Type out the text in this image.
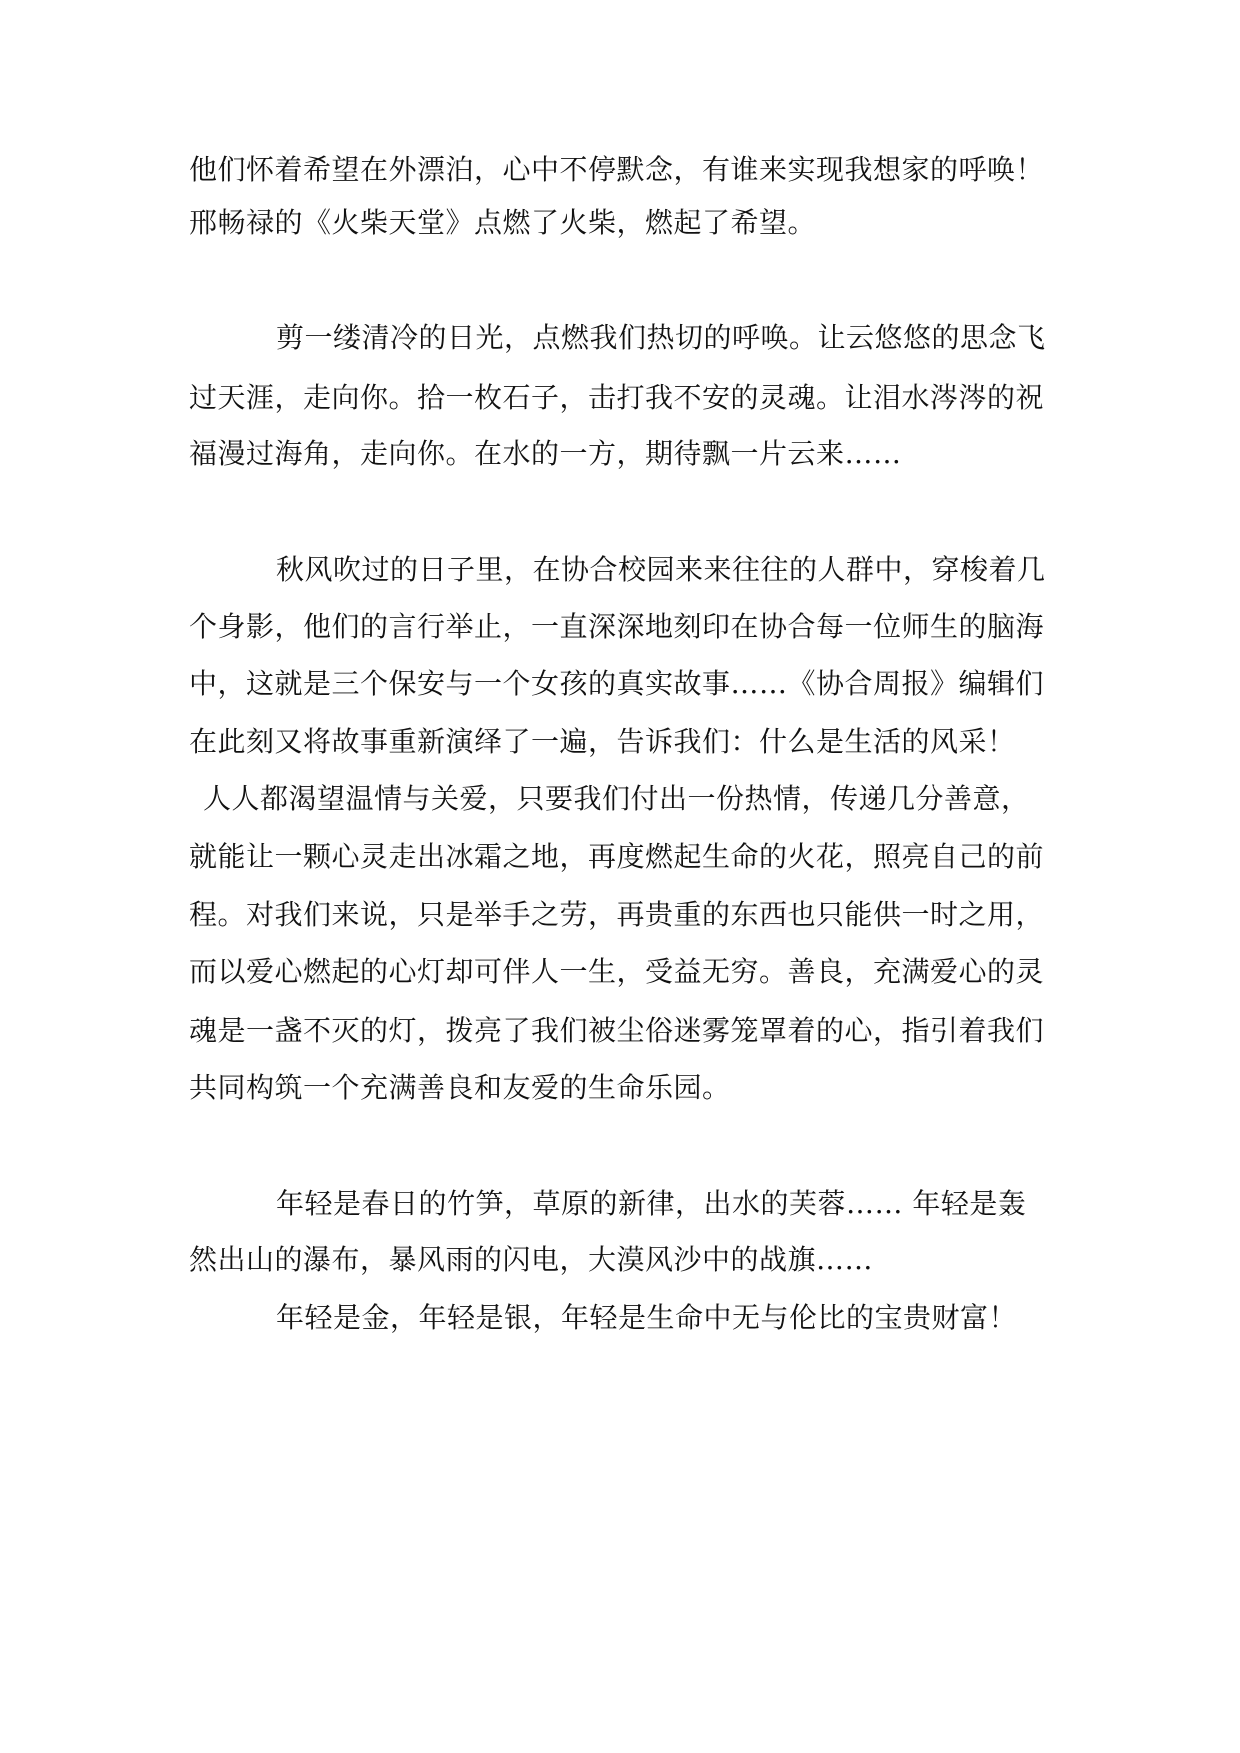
他们怀着希望在外漂泊，心中不停默念，有谁来实现我想家的呼唤！
邢畅禄的《火柴天堂》点燃了火柴，燃起了希望。
剪一缕清冷的日光，点燃我们热切的呼唤。让云悠悠的思念飞
过天涯，走向你。拾一枚石子，击打我不安的灵魂。让泪水涔涔的祝
福漫过海角，走向你。在水的一方，期待飘一片云来……
秋风吹过的日子里，在协合校园来来往往的人群中，穿梭着几
个身影，他们的言行举止，一直深深地刻印在协合每一位师生的脑海
中，这就是三个保安与一个女孩的真实故事……《协合周报》编辑们
在此刻又将故事重新演绎了一遍，告诉我们：什么是生活的风采！
人人都渴望温情与关爱，只要我们付出一份热情，传递几分善意，
就能让一颗心灵走出冰霜之地，再度燃起生命的火花，照亮自己的前
程。对我们来说，只是举手之劳，再贵重的东西也只能供一时之用，
而以爱心燃起的心灯却可伴人一生，受益无穷。善良，充满爱心的灵
魂是一盏不灭的灯，拨亮了我们被尘俗迷雾笼罩着的心，指引着我们
共同构筑一个充满善良和友爱的生命乐园。
年轻是春日的竹笋，草原的新律，出水的芙蓉…… 年轻是轰
然出山的瀑布，暴风雨的闪电，大漠风沙中的战旗……
年轻是金，年轻是银，年轻是生命中无与伦比的宝贵财富！
